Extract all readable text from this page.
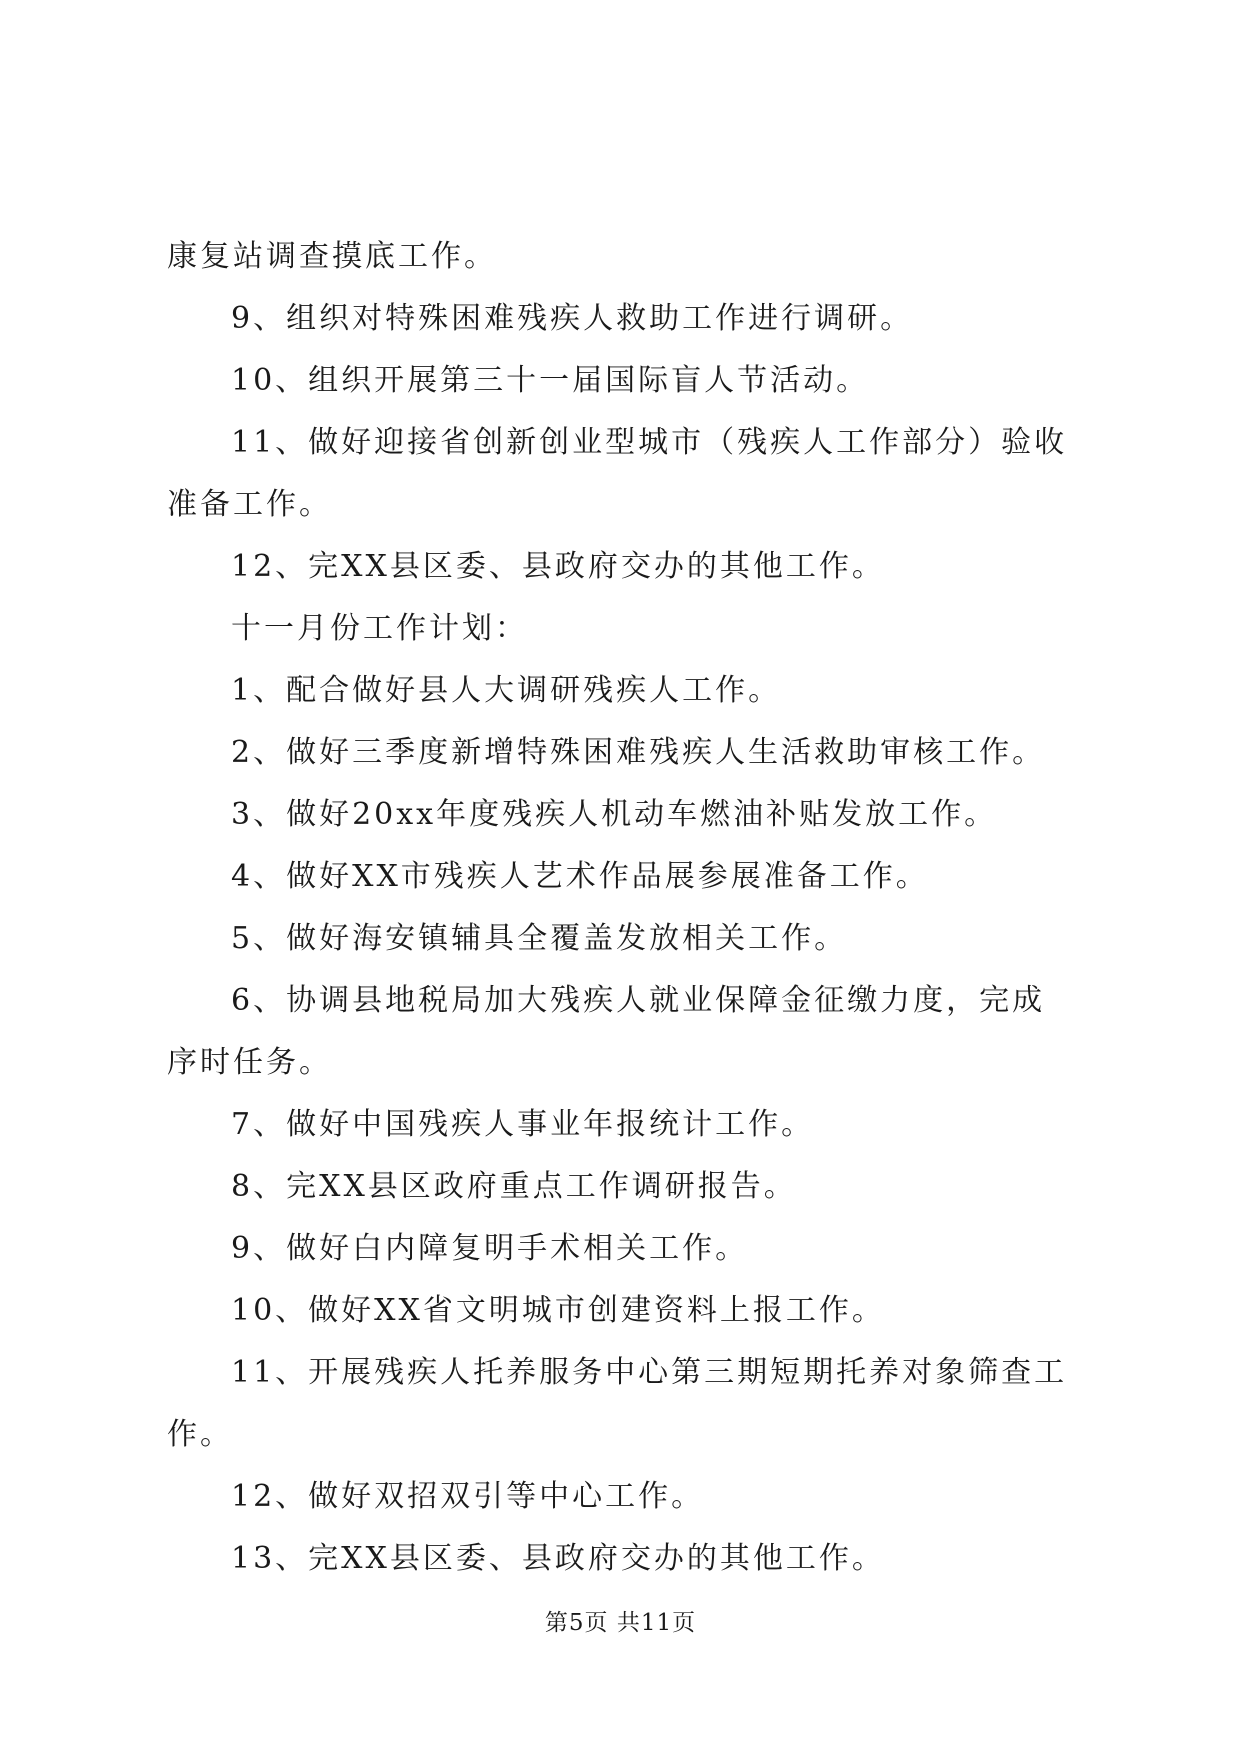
康复站调查摸底工作。

9、组织对特殊困难残疾人救助工作进行调研。

10、组织开展第三十一届国际盲人节活动。

11、做好迎接省创新创业型城市（残疾人工作部分）验收准备工作。

12、完XX县区委、县政府交办的其他工作。

十一月份工作计划：

1、配合做好县人大调研残疾人工作。

2、做好三季度新增特殊困难残疾人生活救助审核工作。

3、做好20xx年度残疾人机动车燃油补贴发放工作。

4、做好XX市残疾人艺术作品展参展准备工作。

5、做好海安镇辅具全覆盖发放相关工作。

6、协调县地税局加大残疾人就业保障金征缴力度，完成序时任务。

7、做好中国残疾人事业年报统计工作。

8、完XX县区政府重点工作调研报告。

9、做好白内障复明手术相关工作。

10、做好XX省文明城市创建资料上报工作。

11、开展残疾人托养服务中心第三期短期托养对象筛查工作。

12、做好双招双引等中心工作。

13、完XX县区委、县政府交办的其他工作。

第5页 共11页
